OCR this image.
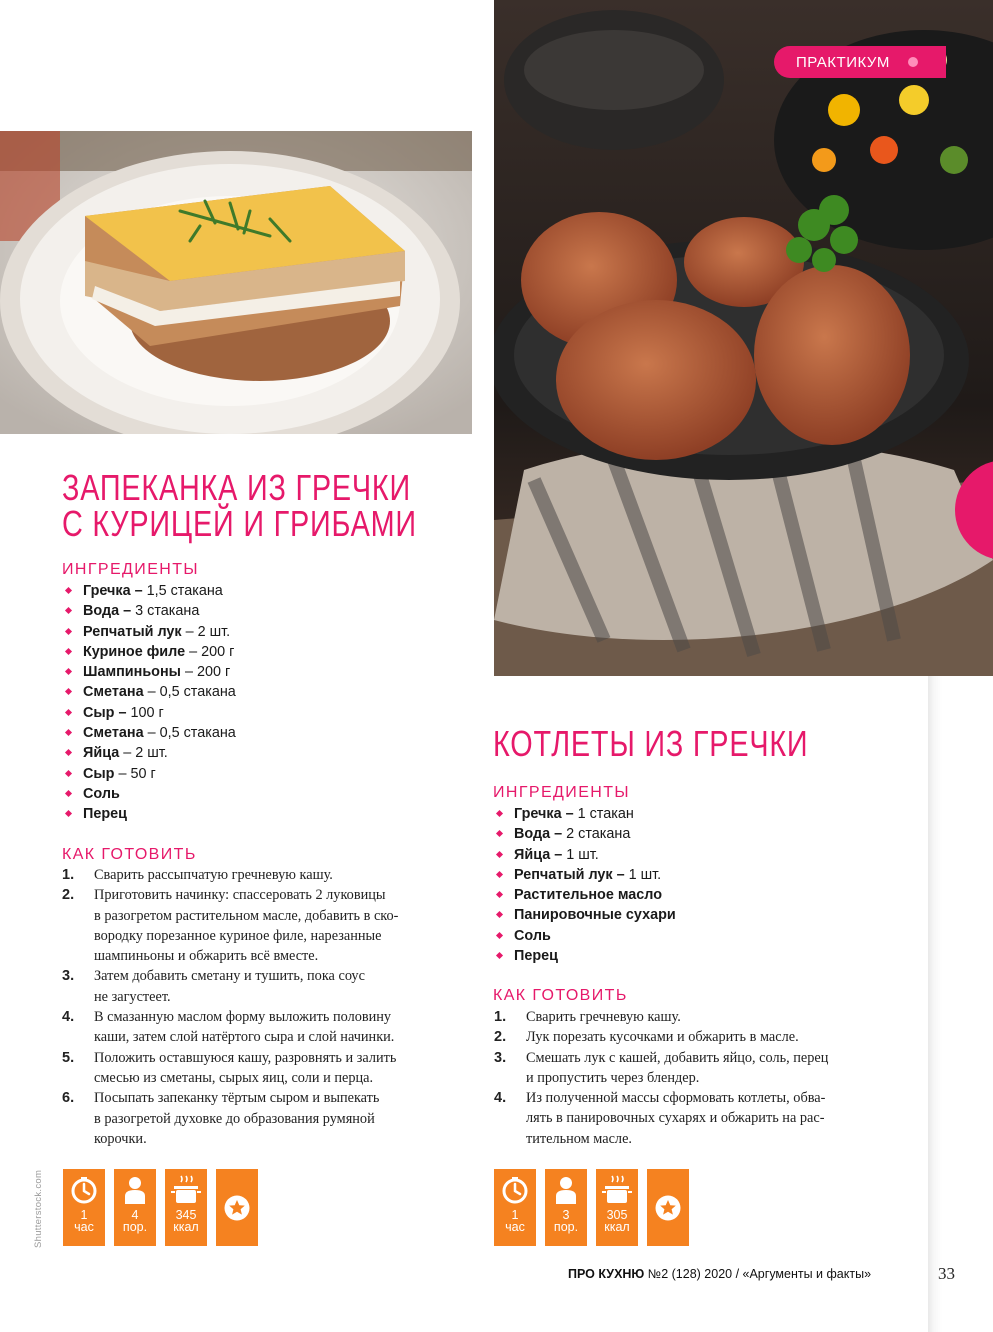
ПРАКТИКУМ
ЗАПЕКАНКА ИЗ ГРЕЧКИ
С КУРИЦЕЙ И ГРИБАМИ
ИНГРЕДИЕНТЫ
Гречка – 1,5 стакана
Вода – 3 стакана
Репчатый лук – 2 шт.
Куриное филе – 200 г
Шампиньоны – 200 г
Сметана – 0,5 стакана
Сыр – 100 г
Сметана – 0,5 стакана
Яйца – 2 шт.
Сыр – 50 г
Соль
Перец
КАК ГОТОВИТЬ
1. Сварить рассыпчатую гречневую кашу.
2. Приготовить начинку: спассеровать 2 луковицы
в разогретом растительном масле, добавить в ско-
вородку порезанное куриное филе, нарезанные
шампиньоны и обжарить всё вместе.
3. Затем добавить сметану и тушить, пока соус
не загустеет.
4. В смазанную маслом форму выложить половину
каши, затем слой натёртого сыра и слой начинки.
5. Положить оставшуюся кашу, разровнять и залить
смесью из сметаны, сырых яиц, соли и перца.
6. Посыпать запеканку тёртым сыром и выпекать
в разогретой духовке до образования румяной
корочки.
1
час
4
пор.
345
ккал
КОТЛЕТЫ ИЗ ГРЕЧКИ
ИНГРЕДИЕНТЫ
Гречка – 1 стакан
Вода – 2 стакана
Яйца – 1 шт.
Репчатый лук – 1 шт.
Растительное масло
Панировочные сухари
Соль
Перец
КАК ГОТОВИТЬ
1. Сварить гречневую кашу.
2. Лук порезать кусочками и обжарить в масле.
3. Смешать лук с кашей, добавить яйцо, соль, перец
и пропустить через блендер.
4. Из полученной массы сформовать котлеты, обва-
лять в панировочных сухарях и обжарить на рас-
тительном масле.
1
час
3
пор.
305
ккал
ПРО КУХНЮ №2 (128) 2020 / «Аргументы и факты»	33
Shutterstock.com
